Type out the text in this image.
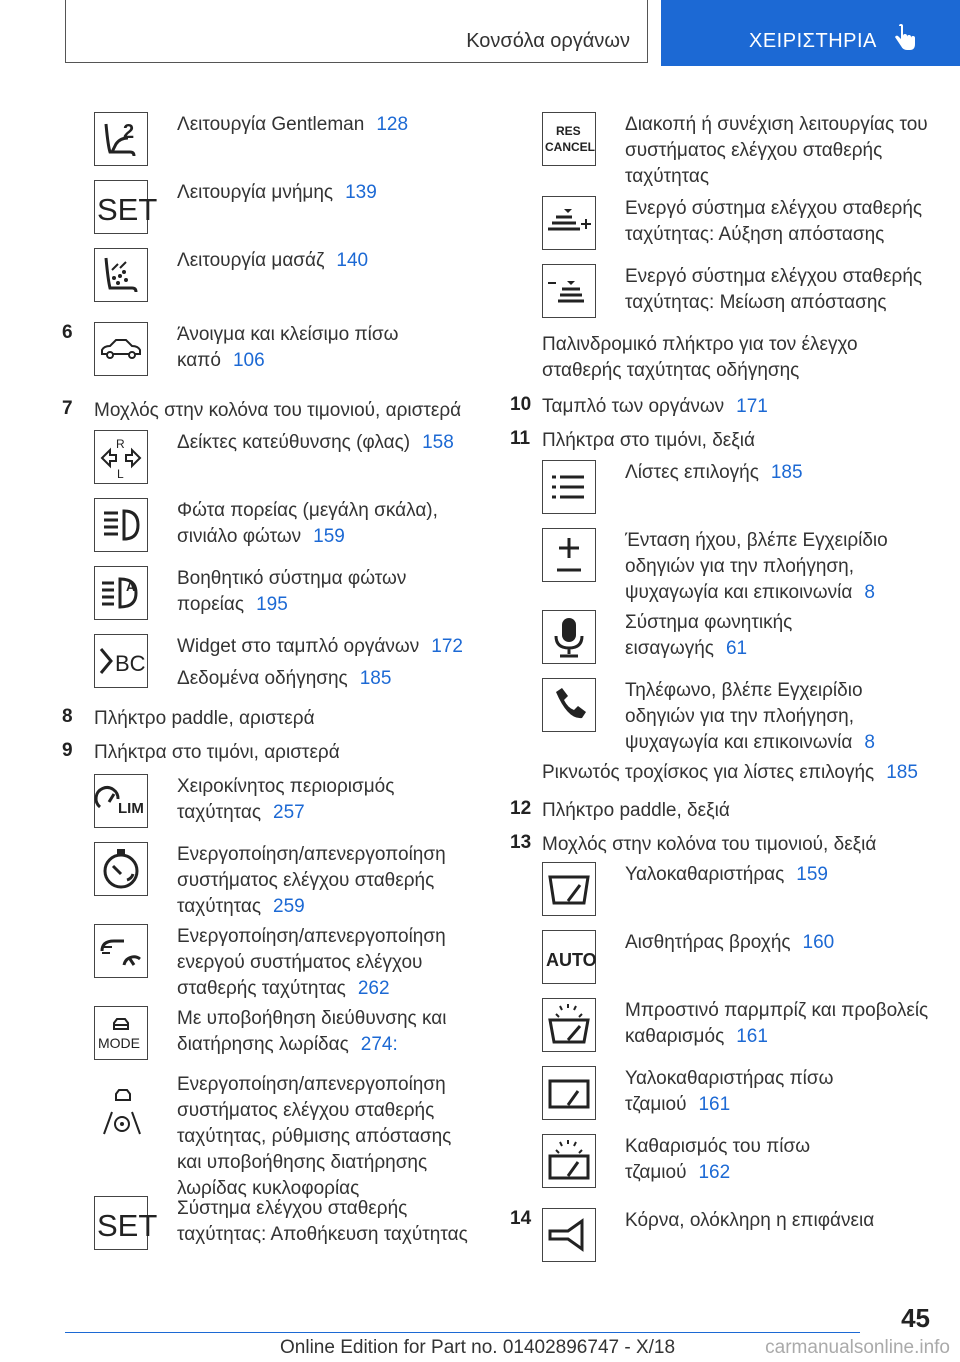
Κονσόλα οργάνων	ΧΕΙΡΙΣΤΗΡΙΑ
2 Λειτουργία Gentleman 128
SET Λειτουργία μνήμης 139
Λειτουργία μασάζ 140
6	Άνοιγμα και κλείσιμο πίσω καπό 106
7 Μοχλός στην κολόνα του τιμονιού, αριστερά
R
L
Δείκτες κατεύθυνσης (φλας) 158
Φώτα πορείας (μεγάλη σκάλα), σινιάλο φώτων 159
A Βοηθητικό σύστημα φώτων πορείας 195
BC
Widget στο ταμπλό οργάνων 172
Δεδομένα οδήγησης 185
8 Πλήκτρο paddle, αριστερά
9 Πλήκτρα στο τιμόνι, αριστερά
LIM
Χειροκίνητος περιορισμός ταχύτητας 257
Ενεργοποίηση/απενεργοποίηση συστήματος ελέγχου σταθερής ταχύτητας 259
Ενεργοποίηση/απενεργοποίηση ενεργού συστήματος ελέγχου σταθερής ταχύτητας 262
MODE
Με υποβοήθηση διεύθυνσης και διατήρησης λωρίδας 274:
Ενεργοποίηση/απενεργοποίηση συστήματος ελέγχου σταθερής ταχύτητας, ρύθμισης απόστασης και υποβοήθησης διατήρησης λωρίδας κυκλοφορίας
SET Σύστημα ελέγχου σταθερής ταχύτητας: Αποθήκευση ταχύτητας
RES
CANCEL
Διακοπή ή συνέχιση λειτουργίας του συστήματος ελέγχου σταθερής ταχύτητας
Ενεργό σύστημα ελέγχου σταθερής ταχύτητας: Αύξηση απόστασης
Ενεργό σύστημα ελέγχου σταθερής ταχύτητας: Μείωση απόστασης
Παλινδρομικό πλήκτρο για τον έλεγχο σταθερής ταχύτητας οδήγησης
10 Ταμπλό των οργάνων 171
11 Πλήκτρα στο τιμόνι, δεξιά
Λίστες επιλογής 185
Ένταση ήχου, βλέπε Εγχειρίδιο οδηγιών για την πλοήγηση, ψυχαγωγία και επικοινωνία 8
Σύστημα φωνητικής εισαγωγής 61
Τηλέφωνο, βλέπε Εγχειρίδιο οδηγιών για την πλοήγηση, ψυχαγωγία και επικοινωνία 8
Ρικνωτός τροχίσκος για λίστες επιλογής 185
12 Πλήκτρο paddle, δεξιά
13 Μοχλός στην κολόνα του τιμονιού, δεξιά
Υαλοκαθαριστήρας 159
AUTO
Αισθητήρας βροχής 160
Μπροστινό παρμπρίζ και προβολείς καθαρισμός 161
Υαλοκαθαριστήρας πίσω τζαμιού 161
Καθαρισμός του πίσω τζαμιού 162
14	Κόρνα, ολόκληρη η επιφάνεια
45
Online Edition for Part no. 01402896747 - X/18	carmanualsonline.info
